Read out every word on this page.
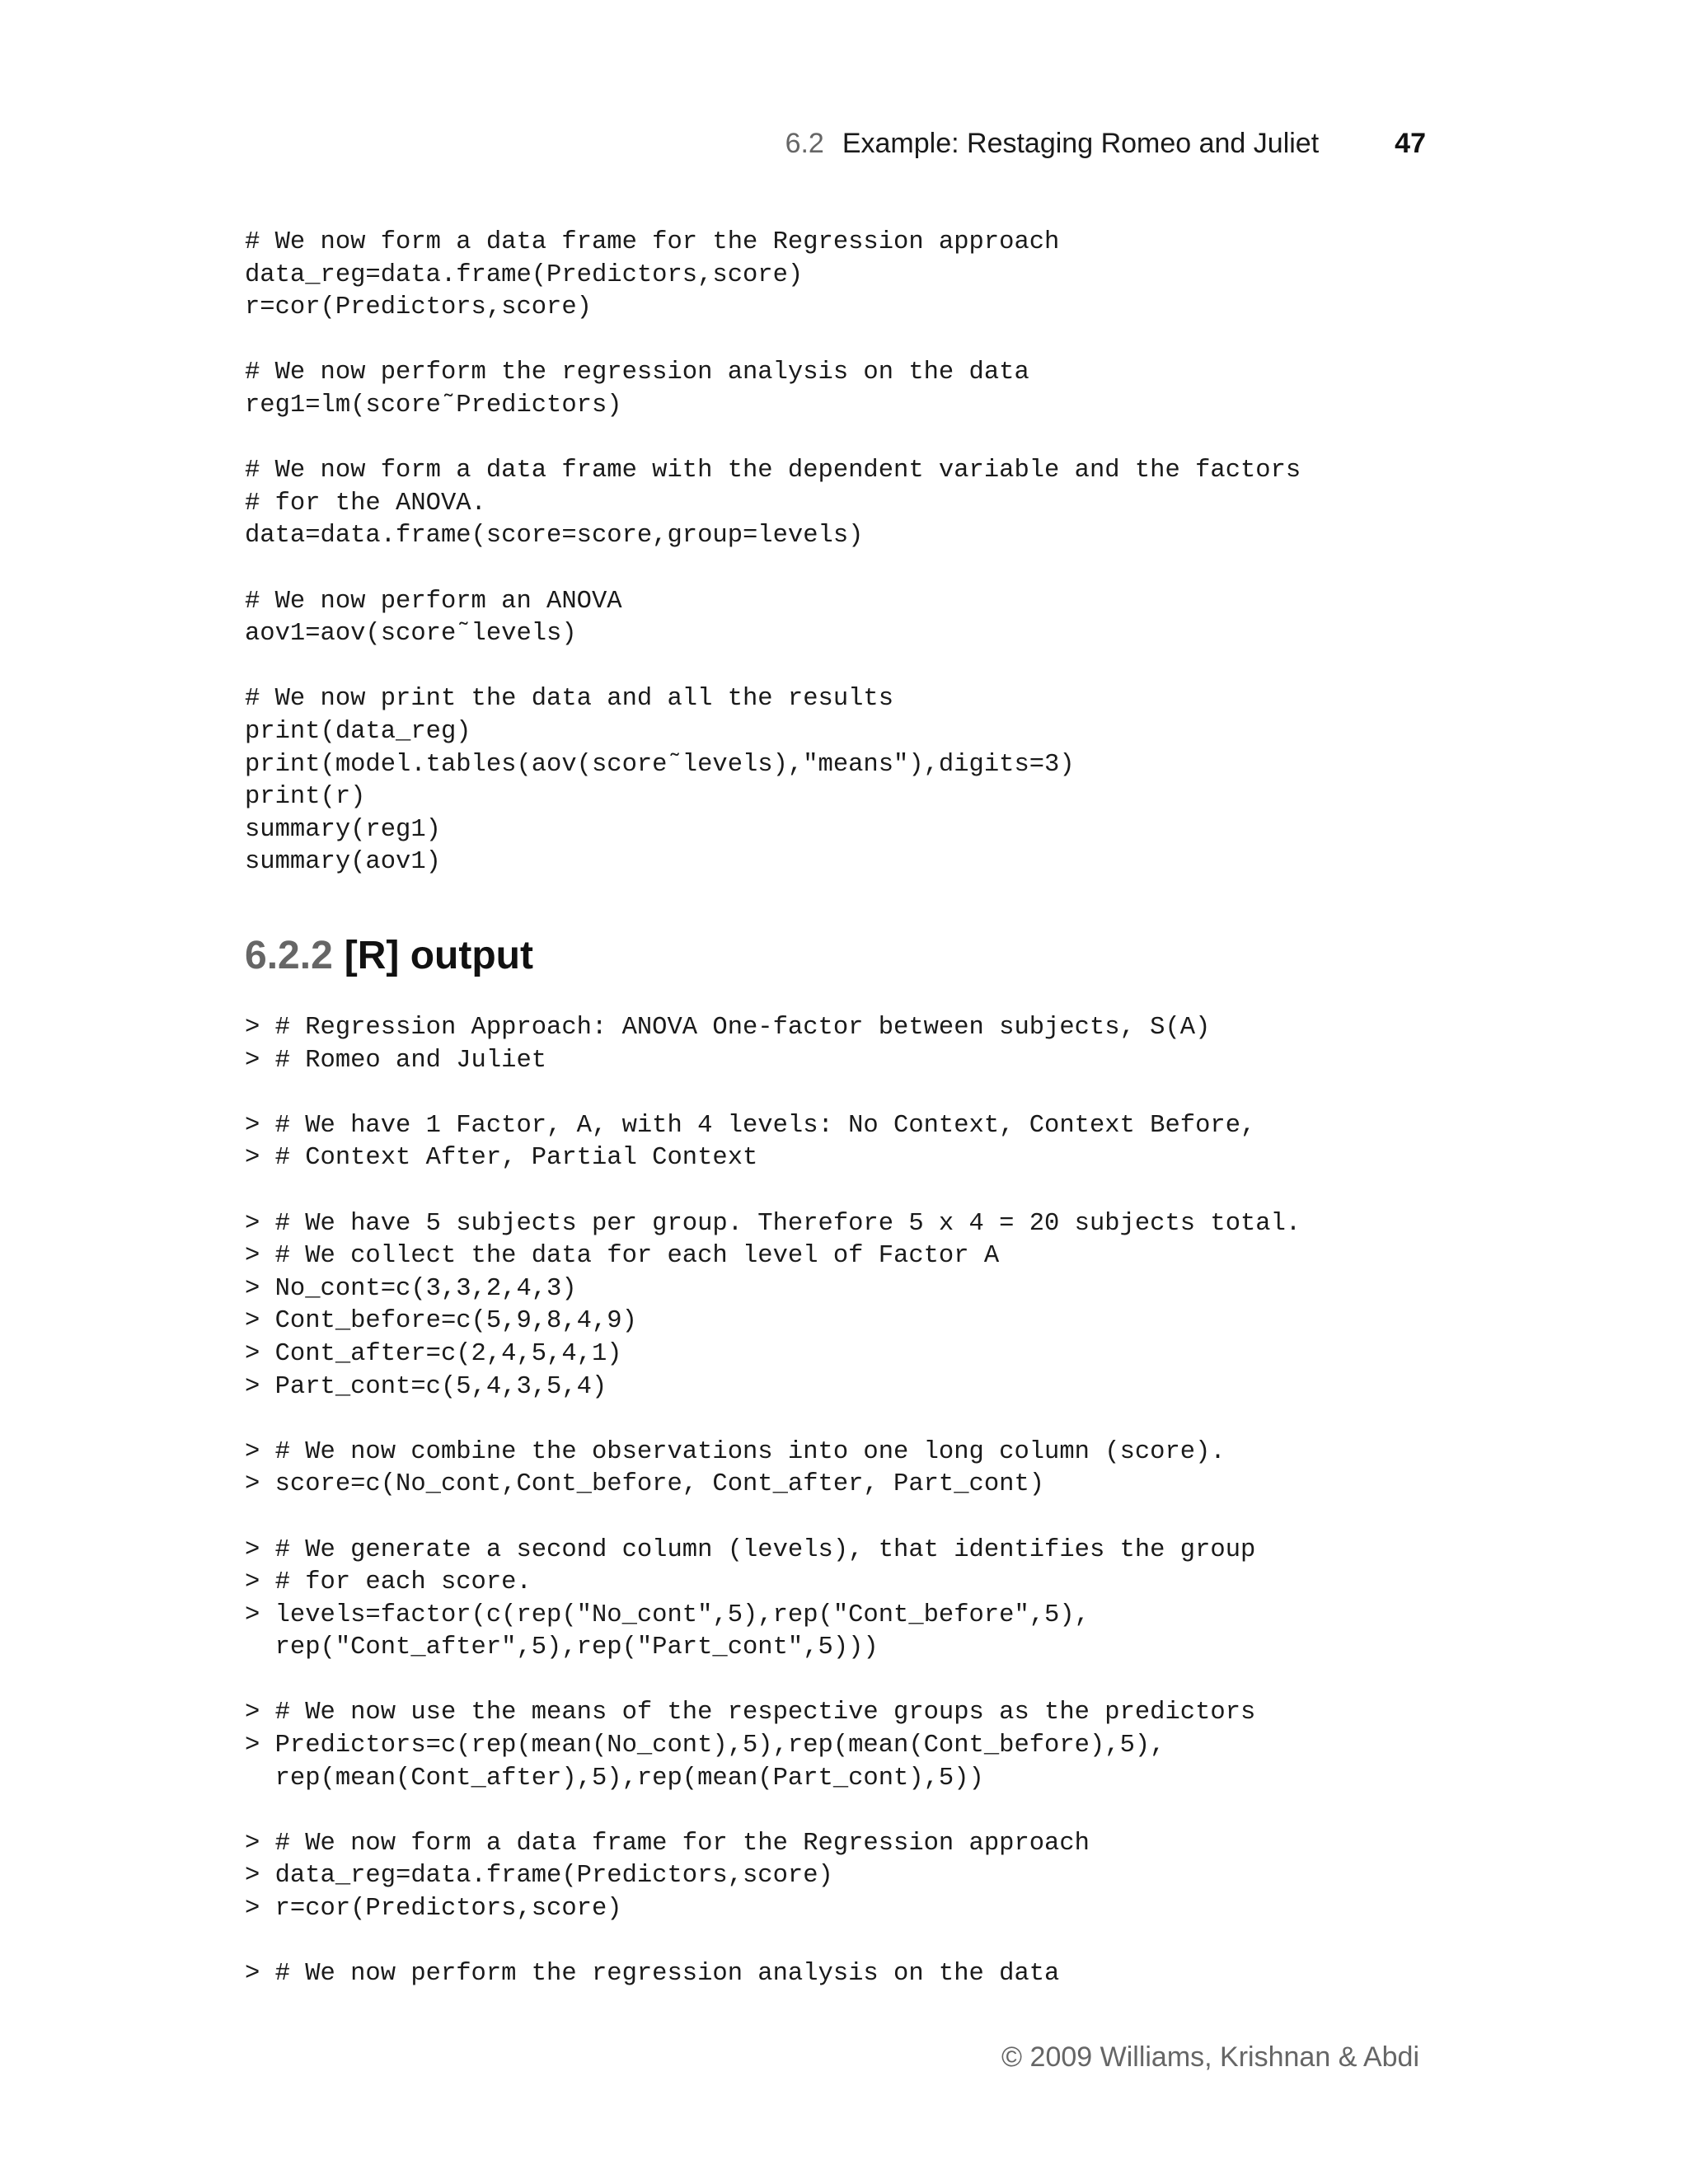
6.2 Example: Restaging Romeo and Juliet	47
# We now form a data frame for the Regression approach
data_reg=data.frame(Predictors,score)
r=cor(Predictors,score)

# We now perform the regression analysis on the data
reg1=lm(score˜Predictors)

# We now form a data frame with the dependent variable and the factors
# for the ANOVA.
data=data.frame(score=score,group=levels)

# We now perform an ANOVA
aov1=aov(score˜levels)

# We now print the data and all the results
print(data_reg)
print(model.tables(aov(score˜levels),"means"),digits=3)
print(r)
summary(reg1)
summary(aov1)
6.2.2 [R] output
> # Regression Approach: ANOVA One-factor between subjects, S(A)
> # Romeo and Juliet

> # We have 1 Factor, A, with 4 levels: No Context, Context Before,
> # Context After, Partial Context

> # We have 5 subjects per group. Therefore 5 x 4 = 20 subjects total.
> # We collect the data for each level of Factor A
> No_cont=c(3,3,2,4,3)
> Cont_before=c(5,9,8,4,9)
> Cont_after=c(2,4,5,4,1)
> Part_cont=c(5,4,3,5,4)

> # We now combine the observations into one long column (score).
> score=c(No_cont,Cont_before, Cont_after, Part_cont)

> # We generate a second column (levels), that identifies the group
> # for each score.
> levels=factor(c(rep("No_cont",5),rep("Cont_before",5),
rep("Cont_after",5),rep("Part_cont",5)))

> # We now use the means of the respective groups as the predictors
> Predictors=c(rep(mean(No_cont),5),rep(mean(Cont_before),5),
rep(mean(Cont_after),5),rep(mean(Part_cont),5))

> # We now form a data frame for the Regression approach
> data_reg=data.frame(Predictors,score)
> r=cor(Predictors,score)

> # We now perform the regression analysis on the data
© 2009 Williams, Krishnan & Abdi
